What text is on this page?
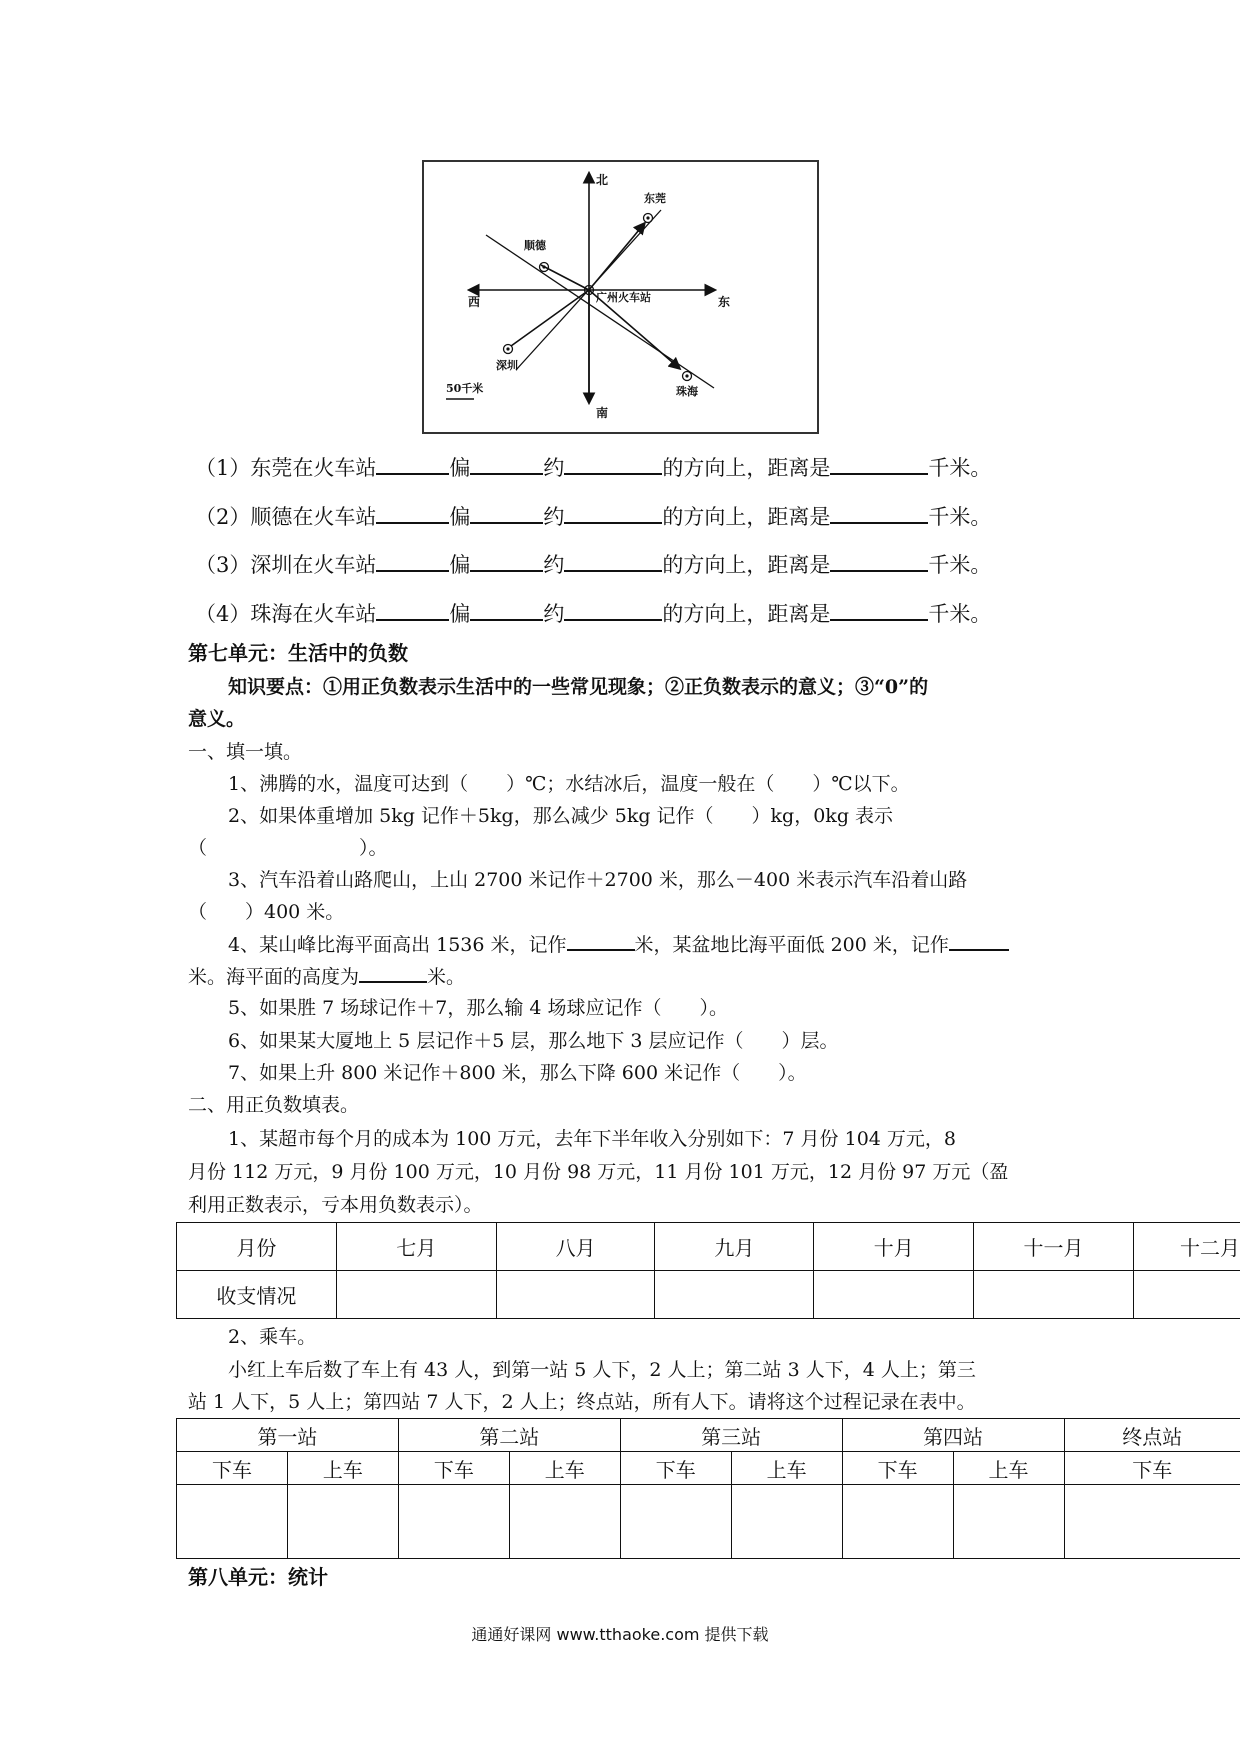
北
南
西	东
广州火车站
东莞
顺德
深圳
珠海
50千米
（1）东莞在火车站	偏	约	的方向上，距离是	千米。
（2）顺德在火车站	偏	约	的方向上，距离是	千米。
（3）深圳在火车站	偏	约	的方向上，距离是	千米。
（4）珠海在火车站	偏	约	的方向上，距离是	千米。
第七单元：生活中的负数
知识要点：①用正负数表示生活中的一些常见现象；②正负数表示的意义；③“0”的
意义。
一、填一填。
1、沸腾的水，温度可达到（　　）℃；水结冰后，温度一般在（　　）℃以下。
2、如果体重增加 5kg 记作＋5kg，那么减少 5kg 记作（　　）kg，0kg 表示
（　　　　　　　　）。
3、汽车沿着山路爬山，上山 2700 米记作＋2700 米，那么－400 米表示汽车沿着山路
（　　）400 米。
4、某山峰比海平面高出 1536 米，记作	米，某盆地比海平面低 200 米，记作
米。海平面的高度为	米。
5、如果胜 7 场球记作＋7，那么输 4 场球应记作（　　）。
6、如果某大厦地上 5 层记作＋5 层，那么地下 3 层应记作（　　）层。
7、如果上升 800 米记作＋800 米，那么下降 600 米记作（　　）。
二、用正负数填表。
1、某超市每个月的成本为 100 万元，去年下半年收入分别如下：7 月份 104 万元，8
月份 112 万元，9 月份 100 万元，10 月份 98 万元，11 月份 101 万元，12 月份 97 万元（盈
利用正数表示，亏本用负数表示）。
月份	七月	八月	九月	十月	十一月	十二月
收支情况						
2、乘车。
小红上车后数了车上有 43 人，到第一站 5 人下，2 人上；第二站 3 人下，4 人上；第三
站 1 人下，5 人上；第四站 7 人下，2 人上；终点站，所有人下。请将这个过程记录在表中。
第一站		第二站		第三站		第四站		终点站
下车	上车	下车	上车	下车	上车	下车	上车	下车

第八单元：统计
通通好课网 www.tthaoke.com 提供下载
